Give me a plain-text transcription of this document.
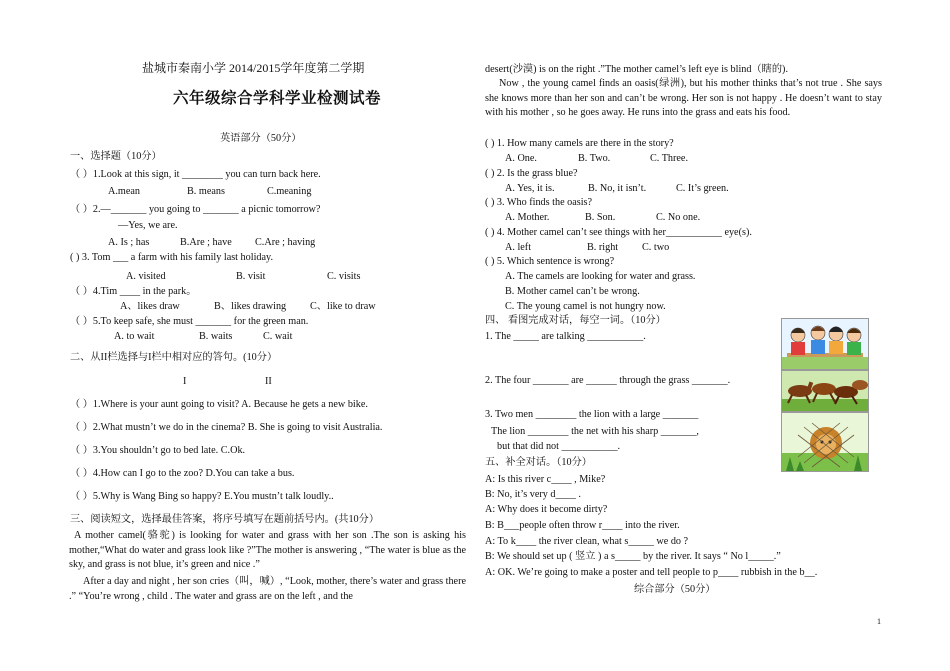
盐城市秦南小学 2014/2015学年度第二学期
六年级综合学科学业检测试卷
英语部分（50分）
一、选择题（10分）
（ ）1.Look at this sign, it ________ you can turn back here.
A.mean	B. means	C.meaning
（ ）2.—_______ you going to _______ a picnic tomorrow?
—Yes, we are.
A. Is ; has	B.Are ; have C.Are ; having
( ) 3. Tom ___ a farm with his family last holiday.
A. visited	B. visit	C. visits
（ ）4.Tim ____ in the park。
A、likes draw	B、likes drawing C、like to draw
（ ）5.To keep safe, she must _______ for the green man.
A. to wait	B. waits	C. wait
二、从II栏选择与I栏中相对应的答句。(10分）
I	II
（ ）1.Where is your aunt going to visit? A. Because he gets a new bike.
（ ）2.What mustn’t we do in the cinema? B. She is going to visit Australia.
（ ）3.You shouldn’t go to bed late. C.Ok.
（ ）4.How can I go to the zoo? D.You can take a bus.
（ ）5.Why is Wang Bing so happy? E.You mustn’t talk loudly..
三、阅读短文，选择最佳答案，将序号填写在题前括号内。(共10分）
A mother camel(骆驼) is looking for water and grass with her son .The son is asking his mother,“What do water and grass look like ?”The mother is answering , “The water is blue as the sky, and grass is not blue, it’s green and nice .”
After a day and night , her son cries（叫，喊）, “Look, mother, there’s water and grass there .” “You’re wrong , child . The water and grass are on the left , and the
desert(沙漠) is on the right .”The mother camel’s left eye is blind（瞎的).
Now , the young camel finds an oasis(绿洲), but his mother thinks that’s not true . She says she knows more than her son and can’t be wrong. Her son is not happy . He doesn’t want to stay with his mother , so he goes away. He runs into the grass and eats his food.
( ) 1. How many camels are there in the story?
A. One.	B. Two.	C. Three.
( ) 2. Is the grass blue?
A. Yes, it is.	B. No, it isn’t.	C. It’s green.
( ) 3. Who finds the oasis?
A. Mother.	B. Son.	C. No one.
( ) 4. Mother camel can’t see things with her___________ eye(s).
A. left	B. right C. two
( ) 5. Which sentence is wrong?
A. The camels are looking for water and grass.
B. Mother camel can’t be wrong.
C. The young camel is not hungry now.
四、 看图完成对话，每空一词。（10分）
1. The _____ are talking ___________.
2. The four _______ are ______ through the grass _______.
3. Two men ________ the lion with a large _______
The lion ________ the net with his sharp _______,
but that did not ___________.
五、补全对话。（10分）
A: Is this river c____ , Mike?
B: No, it’s very d____ .
A: Why does it become dirty?
B: B___people often throw r____ into the river.
A: To k____ the river clean, what s_____ we do ?
B: We should set up ( 竖立 ) a s_____ by the river. It says “ No l_____.”
A: OK. We’re going to make a poster and tell people to p____ rubbish in the b__.
综合部分（50分）
1
